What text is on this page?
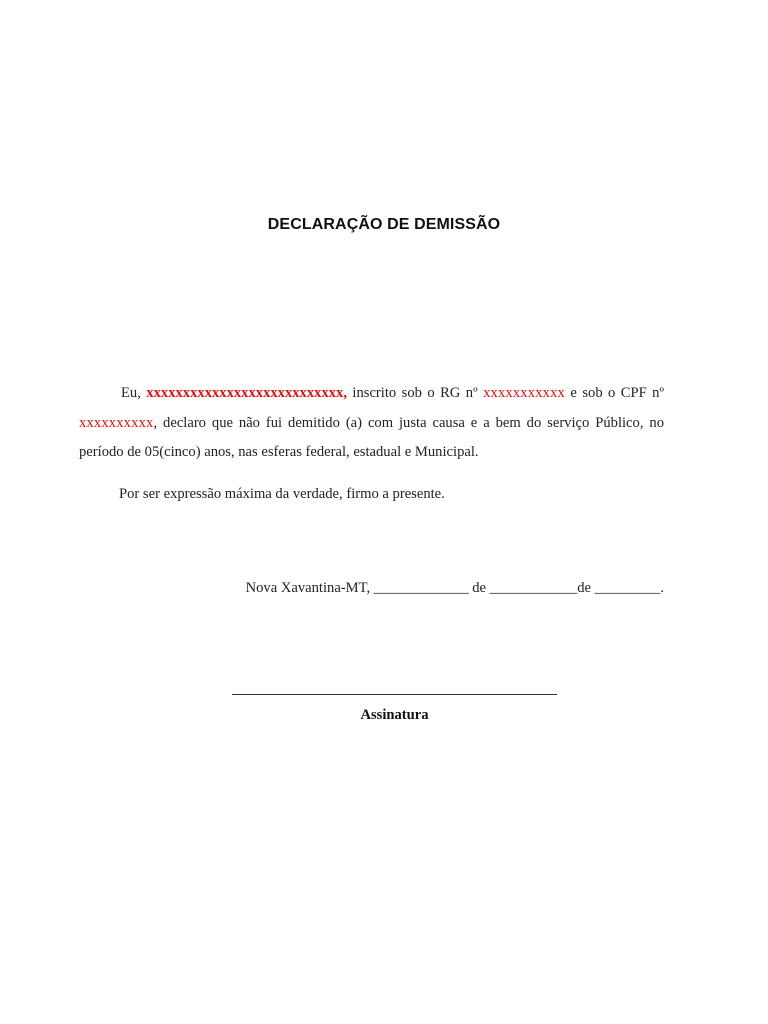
DECLARAÇÃO DE DEMISSÃO
Eu, xxxxxxxxxxxxxxxxxxxxxxxxxxx, inscrito sob o RG nº xxxxxxxxxxx e sob o CPF nº xxxxxxxxxx, declaro que não fui demitido (a) com justa causa e a bem do serviço Público, no período de 05(cinco) anos, nas esferas federal, estadual e Municipal.
Por ser expressão máxima da verdade, firmo a presente.
Nova Xavantina-MT, _____________ de ____________de _________.
Assinatura
